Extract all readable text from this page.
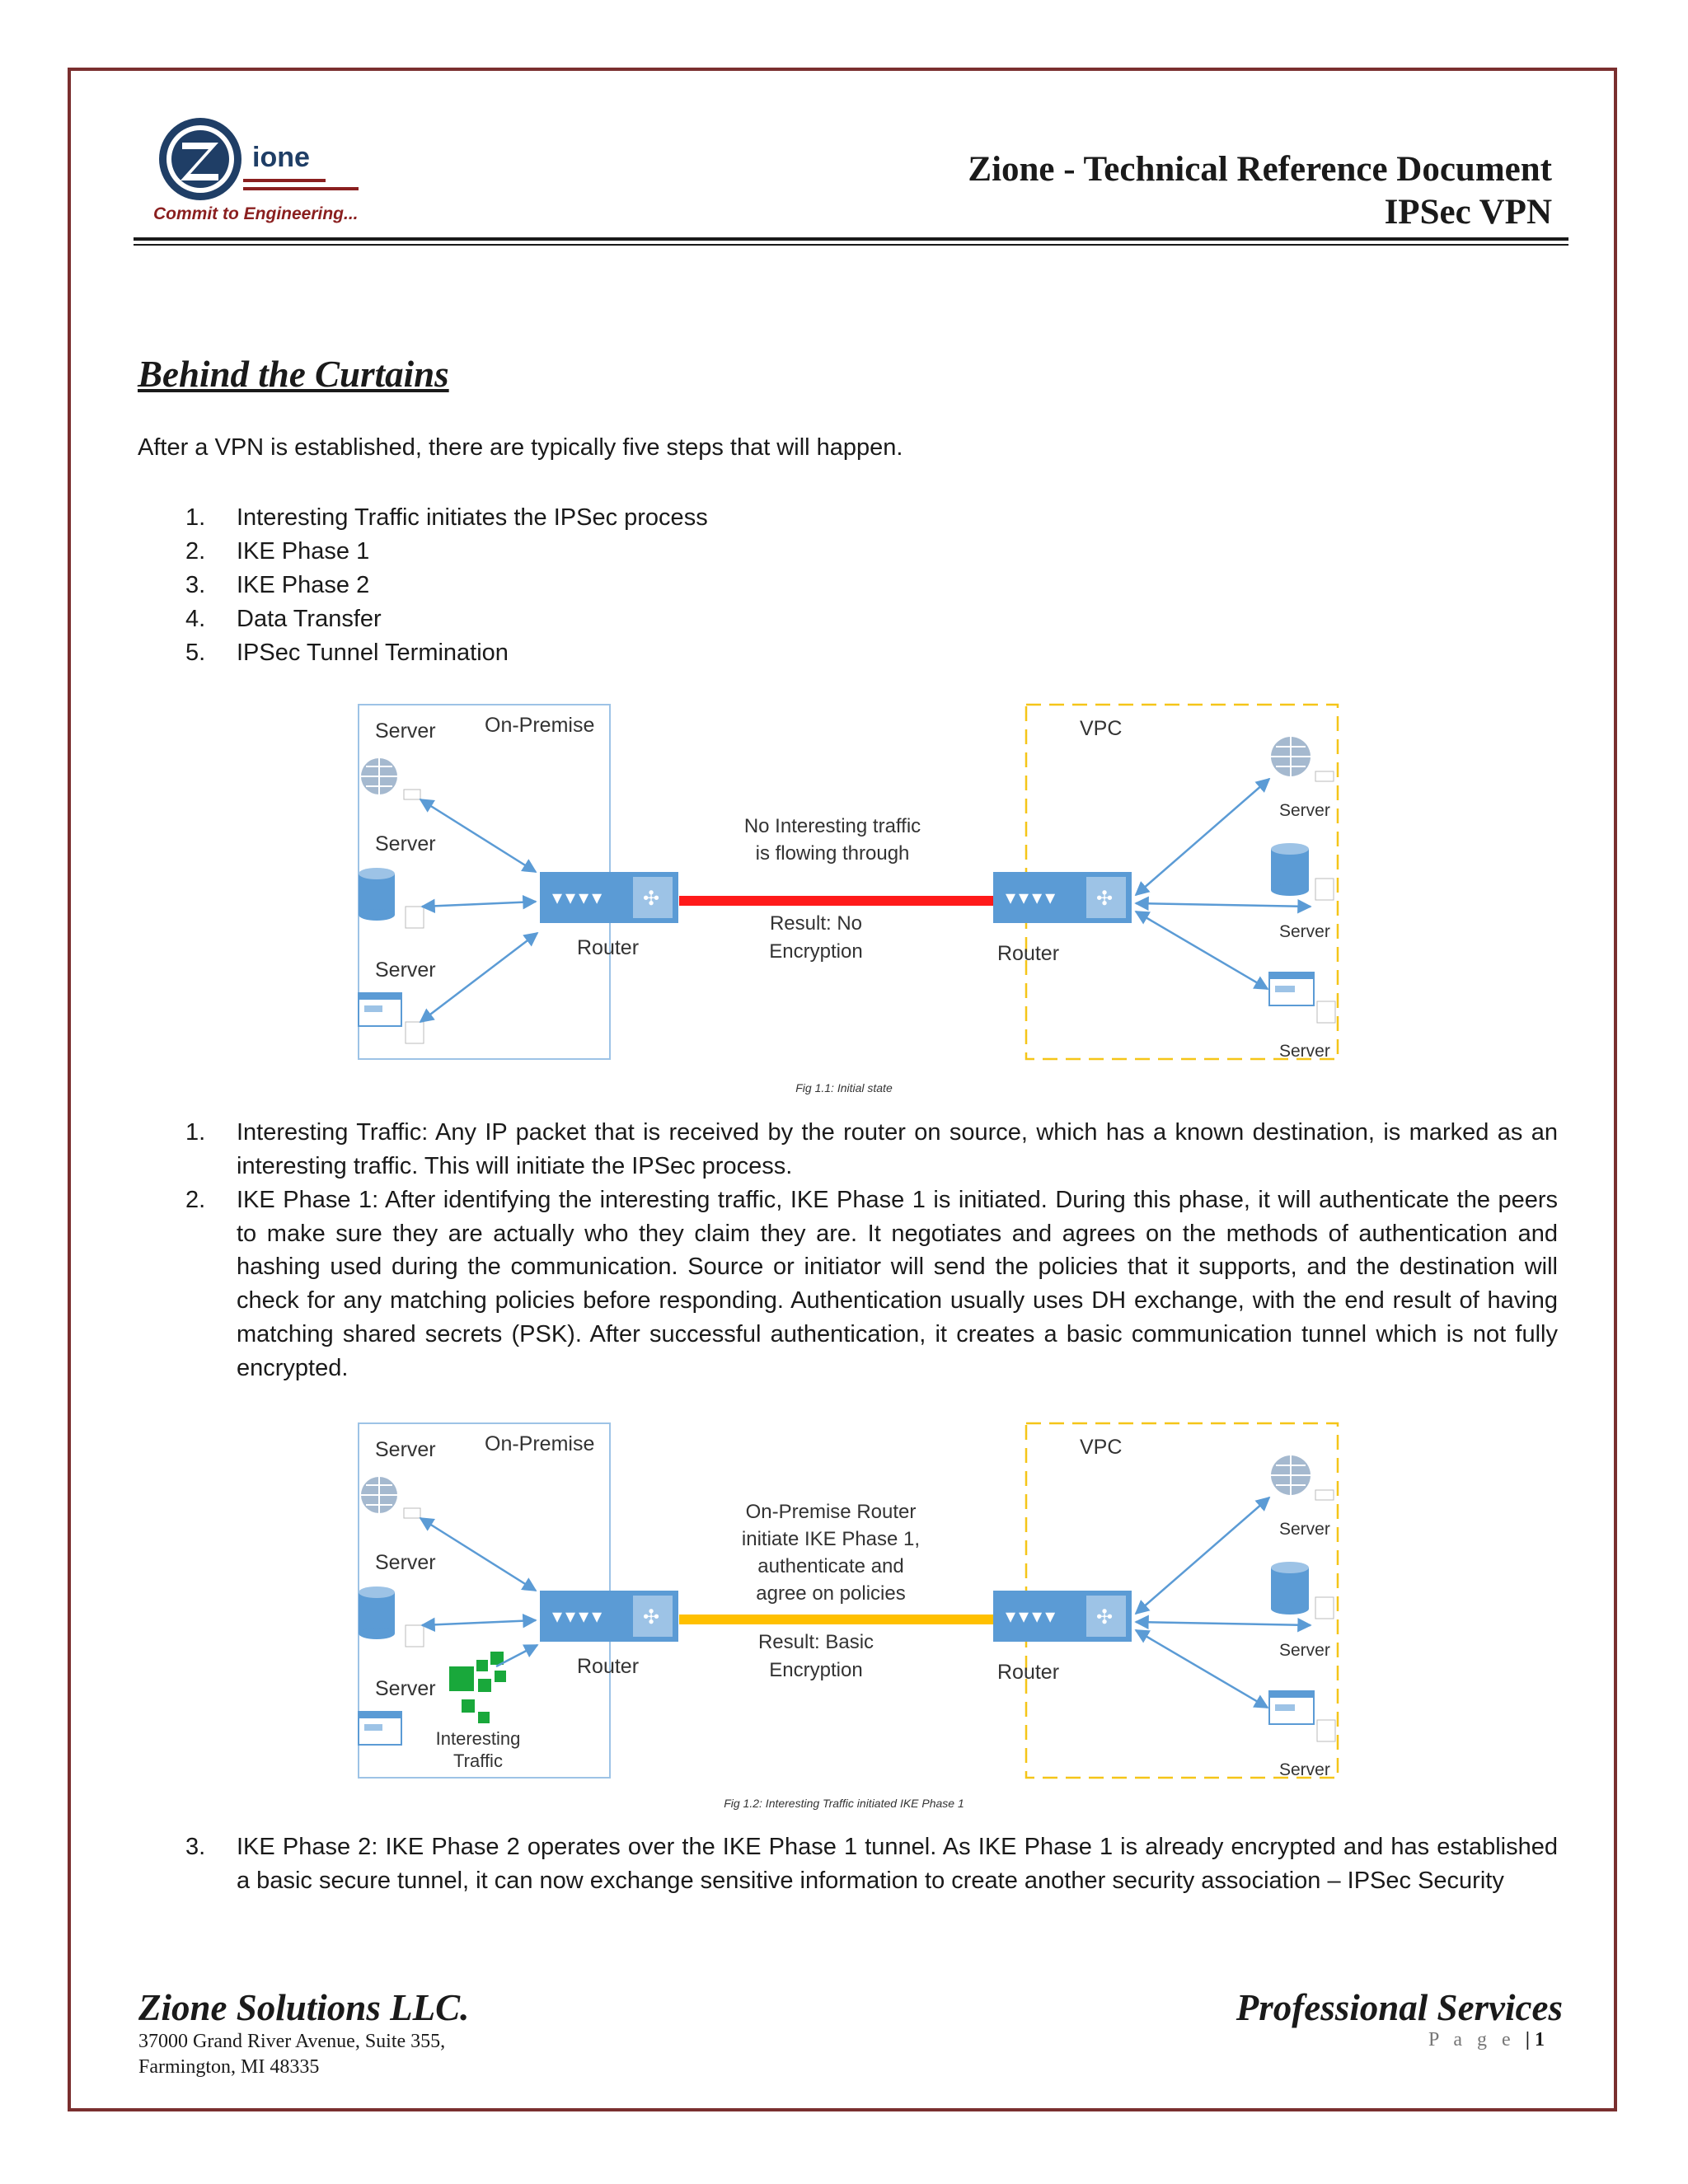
ione
Commit to Engineering...
Zione - Technical Reference Document
IPSec VPN
Behind the Curtains
After a VPN is established, there are typically five steps that will happen.
1. Interesting Traffic initiates the IPSec process
2. IKE Phase 1
3. IKE Phase 2
4. Data Transfer
5. IPSec Tunnel Termination
Server On-Premise	VPC
Server
Server
▾▾▾▾ ✣
Router
No Interesting traffic
is flowing through
Result: No
Encryption
▾▾▾▾ ✣
Router
Server
Server
Server
Fig 1.1: Initial state
1. Interesting Traffic: Any IP packet that is received by the router on source, which has a known destination, is marked as an interesting traffic. This will initiate the IPSec process.
2. IKE Phase 1: After identifying the interesting traffic, IKE Phase 1 is initiated. During this phase, it will authenticate the peers to make sure they are actually who they claim they are. It negotiates and agrees on the methods of authentication and hashing used during the communication. Source or initiator will send the policies that it supports, and the destination will check for any matching policies before responding. Authentication usually uses DH exchange, with the end result of having matching shared secrets (PSK). After successful authentication, it creates a basic communication tunnel which is not fully encrypted.
Server On-Premise	VPC
Server
Server
Interesting
Traffic
▾▾▾▾ ✣
Router
On-Premise Router
initiate IKE Phase 1,
authenticate and
agree on policies
Result: Basic
Encryption
▾▾▾▾ ✣
Router
Server
Server
Server
Fig 1.2: Interesting Traffic initiated IKE Phase 1
3. IKE Phase 2: IKE Phase 2 operates over the IKE Phase 1 tunnel. As IKE Phase 1 is already encrypted and has established a basic secure tunnel, it can now exchange sensitive information to create another security association – IPSec Security
Zione Solutions LLC.
37000 Grand River Avenue, Suite 355,
Farmington, MI 48335
Professional Services
P a g e | 1
